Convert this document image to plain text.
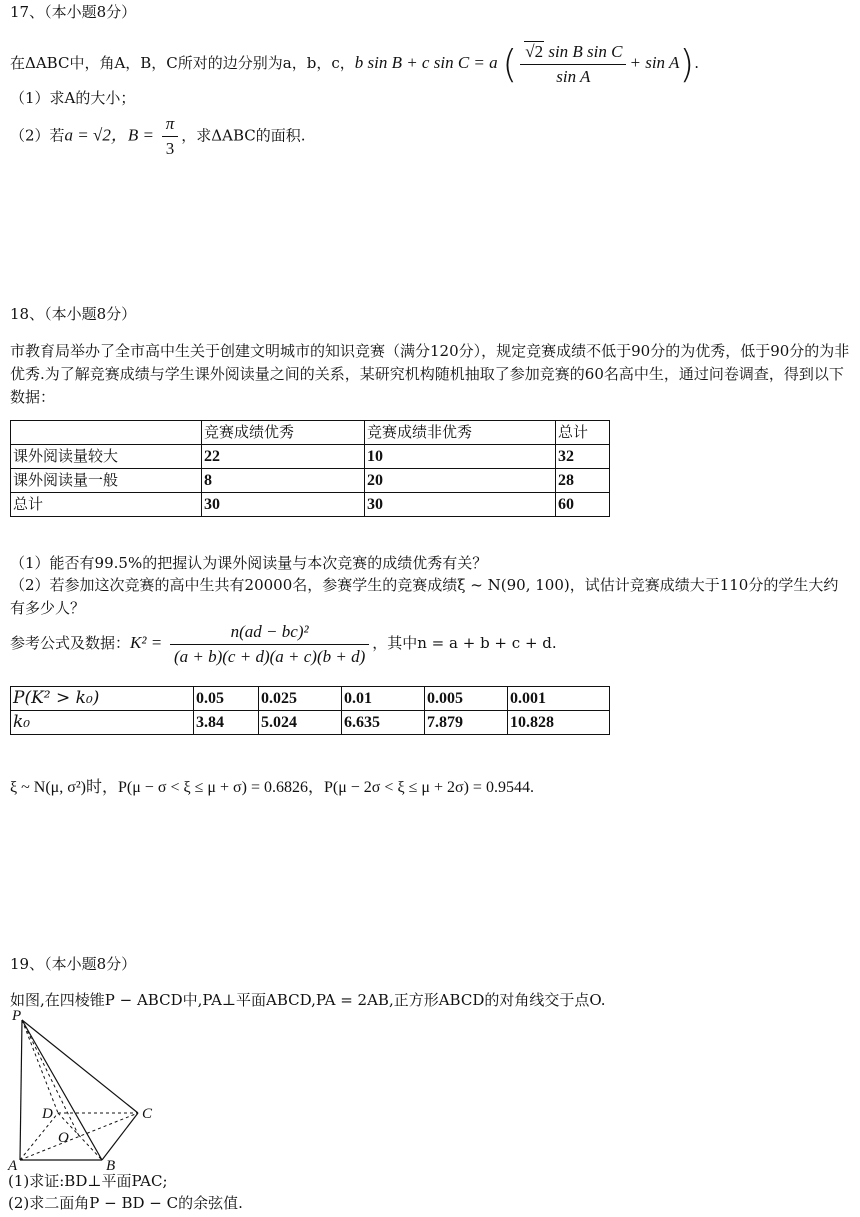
17、（本小题8分）
在ΔABC中，角A，B，C所对的边分别为a，b，c，b sin B + c sin C = a ( $\frac{\text{√2 sin B sin C}}{\text{sin A}} + \sin A$).
（1）求A的大小；
（2）若a = √2，$B = \frac{\pi}{3}$ ，求ΔABC的面积.
18、（本小题8分）
市教育局举办了全市高中生关于创建文明城市的知识竞赛（满分120分），规定竞赛成绩不低于90分的为优秀，低于90分的为非优秀.为了解竞赛成绩与学生课外阅读量之间的关系，某研究机构随机抽取了参加竞赛的60名高中生，通过问卷调查，得到以下数据：
	竞赛成绩优秀	竞赛成绩非优秀	总计
课外阅读量较大	22	10	32
课外阅读量一般	8	20	28
总计	30	30	60
（1）能否有99.5%的把握认为课外阅读量与本次竞赛的成绩优秀有关？
（2）若参加这次竞赛的高中生共有20000名，参赛学生的竞赛成绩ξ ~ N(90, 100)，试估计竞赛成绩大于110分的学生大约有多少人？
参考公式及数据：$K^2 = \frac{\text{n(ad − bc)²}}{(a + b)(c + d)(a + c)(b + d)}$ ，其中n = a + b + c + d.
P(K² > k₀)	0.05	0.025	0.01	0.005	0.001
k₀	3.84	5.024	6.635	7.879	10.828
ξ ~ N(μ, σ²)时，P(μ − σ < ξ ≤ μ + σ) = 0.6826，P(μ − 2σ < ξ ≤ μ + 2σ) = 0.9544.
19、（本小题8分）
如图,在四棱锥P − ABCD中,PA⊥平面ABCD,PA = 2AB,正方形ABCD的对角线交于点O.
P
A	B
C
D
O
(1)求证:BD⊥平面PAC;
(2)求二面角P − BD − C的余弦值.
